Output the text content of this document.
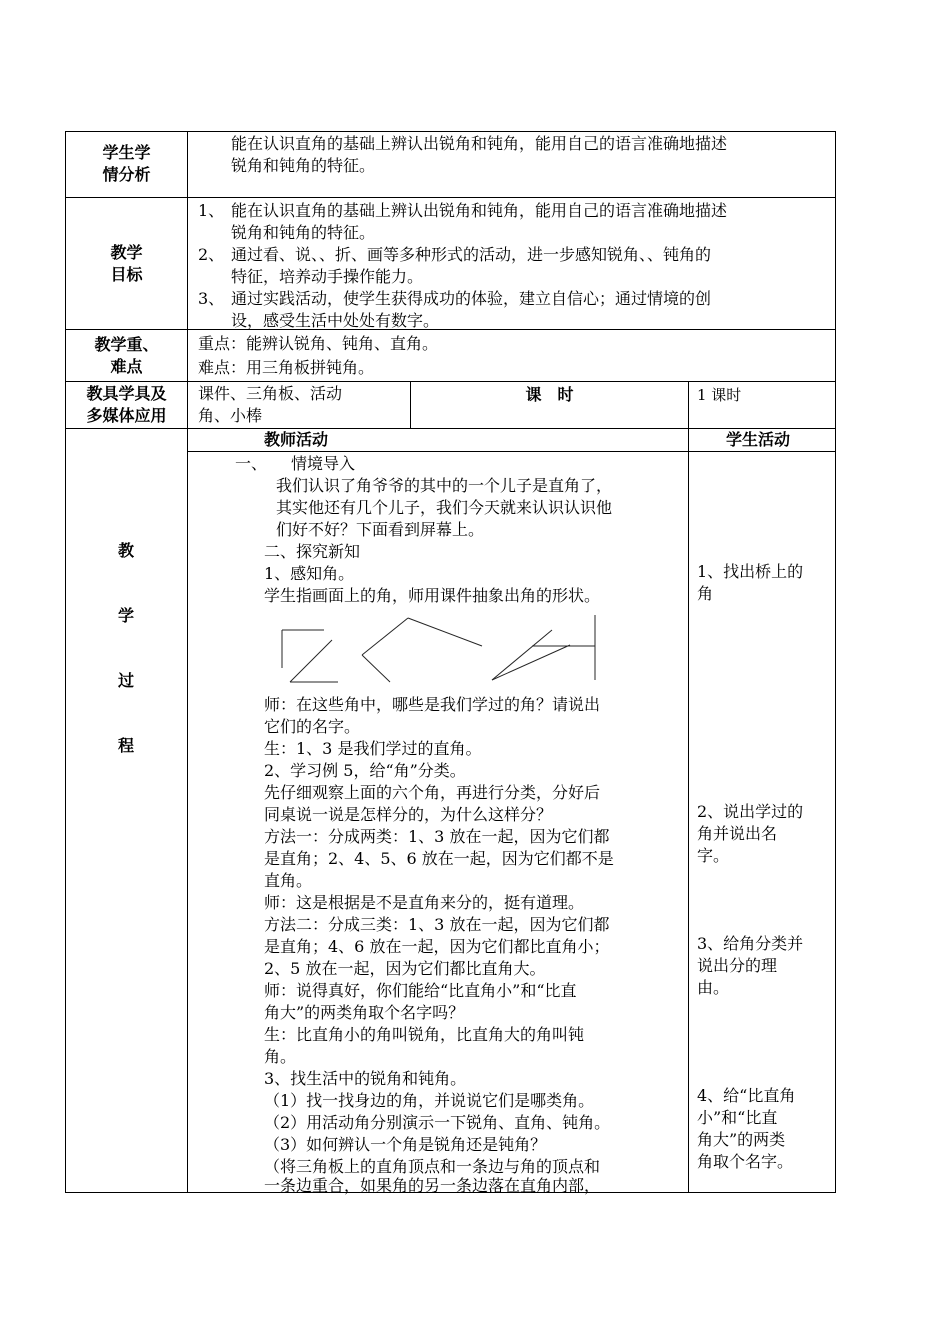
学生学
情分析
能在认识直角的基础上辨认出锐角和钝角，能用自己的语言准确地描述
锐角和钝角的特征。
教学
目标
1、 能在认识直角的基础上辨认出锐角和钝角，能用自己的语言准确地描述
锐角和钝角的特征。
2、 通过看、说、、折、画等多种形式的活动，进一步感知锐角、、钝角的
特征，培养动手操作能力。
3、 通过实践活动，使学生获得成功的体验，建立自信心；通过情境的创
设，感受生活中处处有数字。
教学重、
难点
重点：能辨认锐角、钝角、直角。
难点：用三角板拼钝角。
教具学具及
多媒体应用
课件、三角板、活动
角、小棒
课　时	1 课时
教
学
过
程
教师活动	学生活动
一、　　情境导入
我们认识了角爷爷的其中的一个儿子是直角了，
其实他还有几个儿子，我们今天就来认识认识他
们好不好？下面看到屏幕上。
二、探究新知
1、感知角。
学生指画面上的角，师用课件抽象出角的形状。
师：在这些角中，哪些是我们学过的角？请说出
它们的名字。
生：1、3 是我们学过的直角。
2、学习例 5，给“角”分类。
先仔细观察上面的六个角，再进行分类，分好后
同桌说一说是怎样分的，为什么这样分？
方法一：分成两类：1、3 放在一起，因为它们都
是直角；2、4、5、6 放在一起，因为它们都不是
直角。
师：这是根据是不是直角来分的，挺有道理。
方法二：分成三类：1、3 放在一起，因为它们都
是直角；4、6 放在一起，因为它们都比直角小；
2、5 放在一起，因为它们都比直角大。
师：说得真好，你们能给“比直角小”和“比直
角大”的两类角取个名字吗？
生：比直角小的角叫锐角，比直角大的角叫钝
角。
3、找生活中的锐角和钝角。
（1）找一找身边的角，并说说它们是哪类角。
（2）用活动角分别演示一下锐角、直角、钝角。
（3）如何辨认一个角是锐角还是钝角？
（将三角板上的直角顶点和一条边与角的顶点和
一条边重合，如果角的另一条边落在直角内部，
1、找出桥上的
角
2、说出学过的
角并说出名
字。
3、给角分类并
说出分的理
由。
4、给“比直角
小”和“比直
角大”的两类
角取个名字。
